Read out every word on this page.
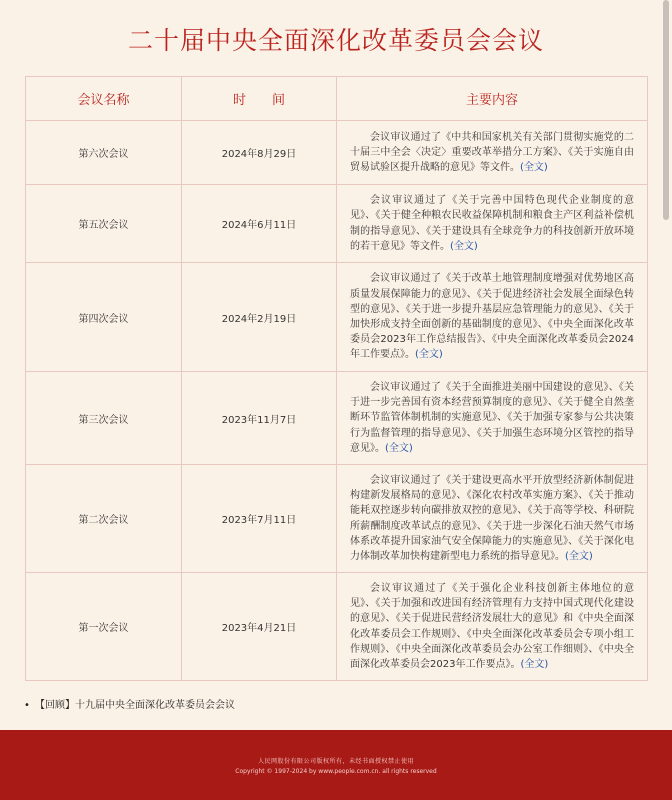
二十届中央全面深化改革委员会会议
会议名称	时　　间	主要内容
第六次会议	2024年8月29日	会议审议通过了《中共和国家机关有关部门贯彻实施党的二十届三中全会〈决定〉重要改革举措分工方案》、《关于实施自由贸易试验区提升战略的意见》等文件。(全文)

第五次会议	2024年6月11日	会议审议通过了《关于完善中国特色现代企业制度的意见》、《关于健全种粮农民收益保障机制和粮食主产区利益补偿机制的指导意见》、《关于建设具有全球竞争力的科技创新开放环境的若干意见》等文件。(全文)

第四次会议	2024年2月19日	会议审议通过了《关于改革土地管理制度增强对优势地区高质量发展保障能力的意见》、《关于促进经济社会发展全面绿色转型的意见》、《关于进一步提升基层应急管理能力的意见》、《关于加快形成支持全面创新的基础制度的意见》、《中央全面深化改革委员会2023年工作总结报告》、《中央全面深化改革委员会2024年工作要点》。(全文)

第三次会议	2023年11月7日	会议审议通过了《关于全面推进美丽中国建设的意见》、《关于进一步完善国有资本经营预算制度的意见》、《关于健全自然垄断环节监管体制机制的实施意见》、《关于加强专家参与公共决策行为监督管理的指导意见》、《关于加强生态环境分区管控的指导意见》。(全文)

第二次会议	2023年7月11日	会议审议通过了《关于建设更高水平开放型经济新体制促进构建新发展格局的意见》、《深化农村改革实施方案》、《关于推动能耗双控逐步转向碳排放双控的意见》、《关于高等学校、科研院所薪酬制度改革试点的意见》、《关于进一步深化石油天然气市场体系改革提升国家油气安全保障能力的实施意见》、《关于深化电力体制改革加快构建新型电力系统的指导意见》。(全文)

第一次会议	2023年4月21日	会议审议通过了《关于强化企业科技创新主体地位的意见》、《关于加强和改进国有经济管理有力支持中国式现代化建设的意见》、《关于促进民营经济发展壮大的意见》和《中央全面深化改革委员会工作规则》、《中央全面深化改革委员会专项小组工作规则》、《中央全面深化改革委员会办公室工作细则》、《中央全面深化改革委员会2023年工作要点》。(全文)

• 【回顾】十九届中央全面深化改革委员会会议
人民网股份有限公司版权所有，未经书面授权禁止使用
Copyright © 1997-2024 by www.people.com.cn. all rights reserved
